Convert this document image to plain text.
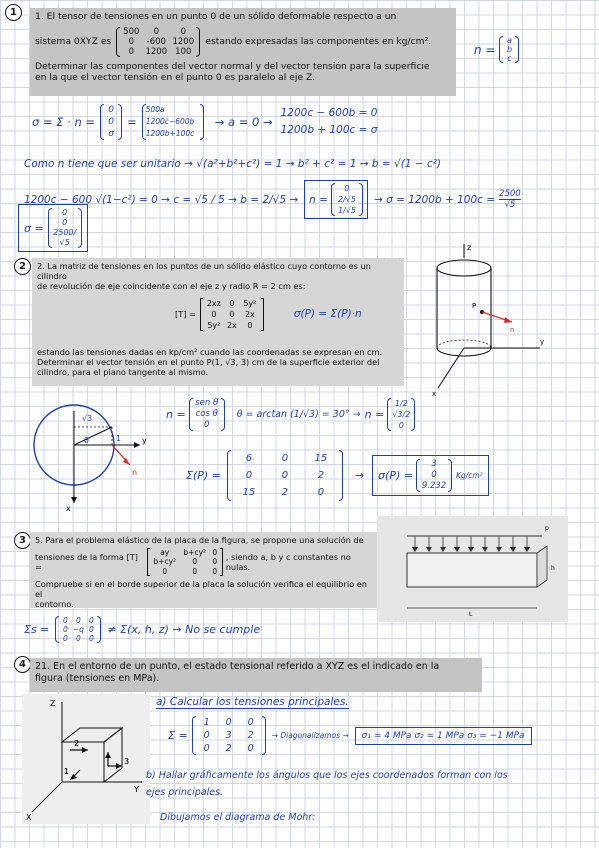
1	1. El tensor de tensiones en un punto 0 de un sólido deformable respecto a un
sistema 0XYZ es
500	0	0
0	-600 1200
0	1200 100
estando expresadas las componentes en kg/cm².
Determinar las componentes del vector normal y del vector tensión para la superficie
en la que el vector tensión en el punto 0 es paralelo al eje Z.
n =
a
b
c
σ = Σ · n =
0
0
σ
=
500a
1200c−600b
1200b+100c
→ a = 0 →
1200c − 600b = 0
1200b + 100c = σ
Como n tiene que ser unitario → √(a²+b²+c²) = 1 → b² + c² = 1 → b = √(1 − c²)
1200c − 600 √(1−c²) = 0 → c = √5 / 5 → b = 2/√5 → n =
0
2/√5
1/√5
→ $\sigma = 1200b + 100c = \frac{2500}{√5}$
σ =
0
0
2500/√5
2	2. La matriz de tensiones en los puntos de un sólido elástico cuyo contorno es un cilindro
de revolución de eje coincidente con el eje z y radio R = 2 cm es:
[T] =
2xz	0	5y²
0	0	2x
5y² 2x	0
σ(P) = Σ(P)·n
estando las tensiones dadas en kp/cm² cuando las coordenadas se expresan en cm.
Determinar el vector tensión en el punto P(1, √3, 3) cm de la superficie exterior del
cilindro, para el plano tangente al mismo.
z
y
x
P
n
√3
θ	1	y
x
n
n =
sen θ
cos θ
0
θ = arctan (1/√3) = 30° → n =
1/2
√3/2
0
Σ(P) =
6	0	15
0	0	2
15	2	0
→ σ(P) =
3
0
9.232
Kg/cm²
3	5. Para el problema elástico de la placa de la figura, se propone una solución de
tensiones de la forma [T] =
ay	b+cy² 0
b+cy²	0	0
0	0	0
, siendo a, b y c constantes no nulas.
Compruebe si en el borde superior de la placa la solución verifica el equilibrio en el
contorno.
L
h
p
Σs =
0	0	0
0 −q 0
0	0	0
≠ Σ(x, h, z) → No se cumple
4 21. En el entorno de un punto, el estado tensional referido a XYZ es el indicado en la
figura (tensiones en MPa).
Z
Y
X
2
3
1
a) Calcular los tensiones principales.
Σ =
1	0	0
0	3	2
0	2	0
→ Diagonalizamos →	σ₁ = 4 MPa σ₂ = 1 MPa σ₃ = −1 MPa
b) Hallar gráficamente los ángulos que los ejes coordenados forman con los
ejes principales.
Dibujamos el diagrama de Mohr:
